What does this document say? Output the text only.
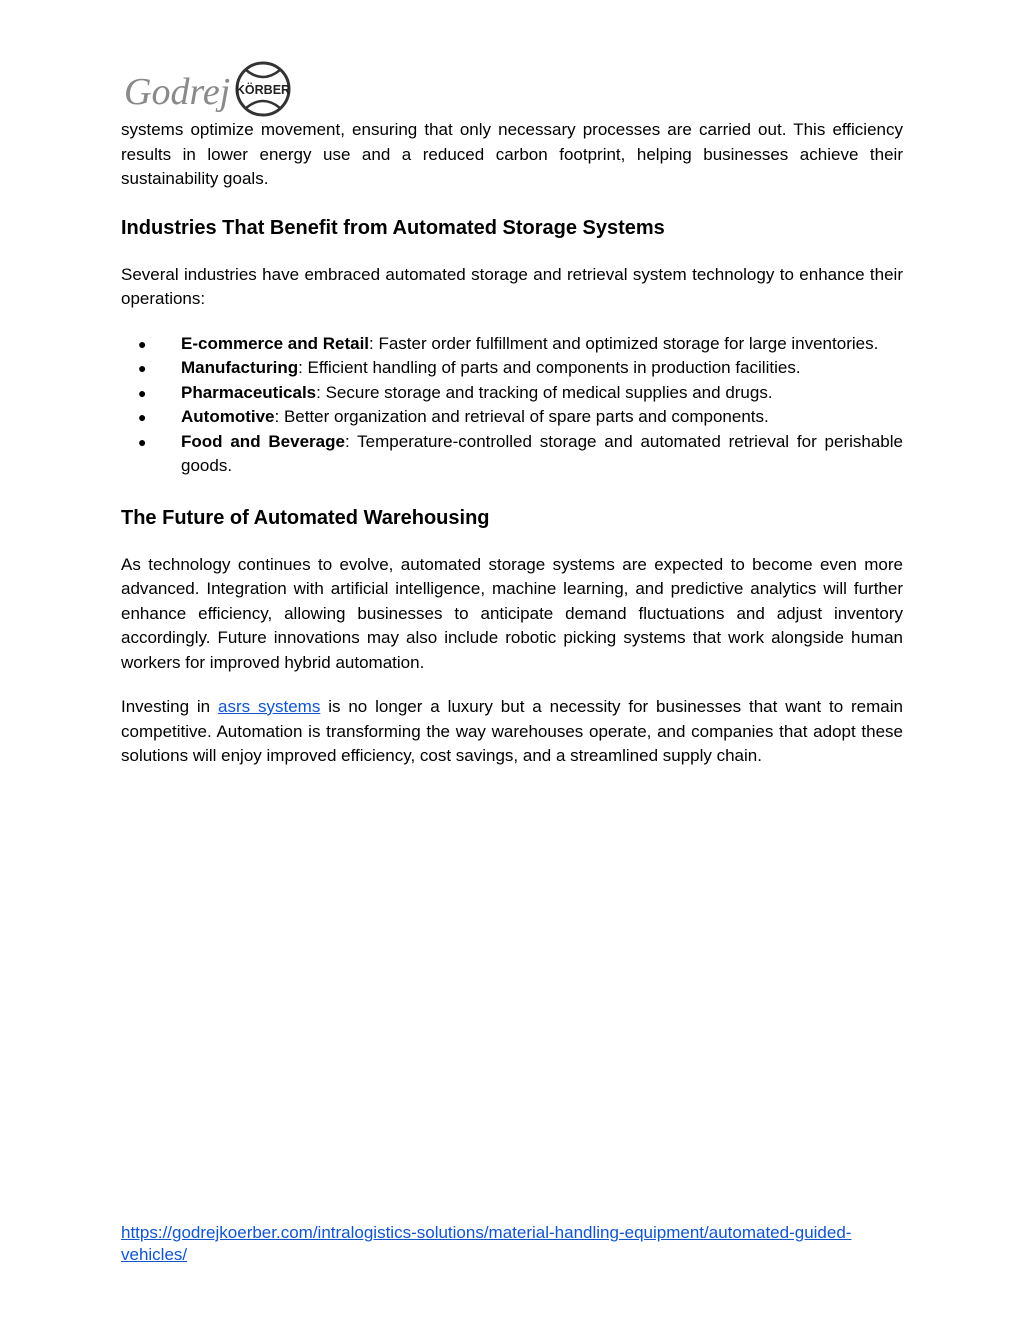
Godrej KÖRBER

systems optimize movement, ensuring that only necessary processes are carried out. This efficiency results in lower energy use and a reduced carbon footprint, helping businesses achieve their sustainability goals.

Industries That Benefit from Automated Storage Systems

Several industries have embraced automated storage and retrieval system technology to enhance their operations:

● E-commerce and Retail: Faster order fulfillment and optimized storage for large inventories.
● Manufacturing: Efficient handling of parts and components in production facilities.
● Pharmaceuticals: Secure storage and tracking of medical supplies and drugs.
● Automotive: Better organization and retrieval of spare parts and components.
● Food and Beverage: Temperature-controlled storage and automated retrieval for perishable goods.
The Future of Automated Warehousing

As technology continues to evolve, automated storage systems are expected to become even more advanced. Integration with artificial intelligence, machine learning, and predictive analytics will further enhance efficiency, allowing businesses to anticipate demand fluctuations and adjust inventory accordingly. Future innovations may also include robotic picking systems that work alongside human workers for improved hybrid automation.

Investing in asrs systems is no longer a luxury but a necessity for businesses that want to remain competitive. Automation is transforming the way warehouses operate, and companies that adopt these solutions will enjoy improved efficiency, cost savings, and a streamlined supply chain.

https://godrejkoerber.com/intralogistics-solutions/material-handling-equipment/automated-guided-vehicles/
